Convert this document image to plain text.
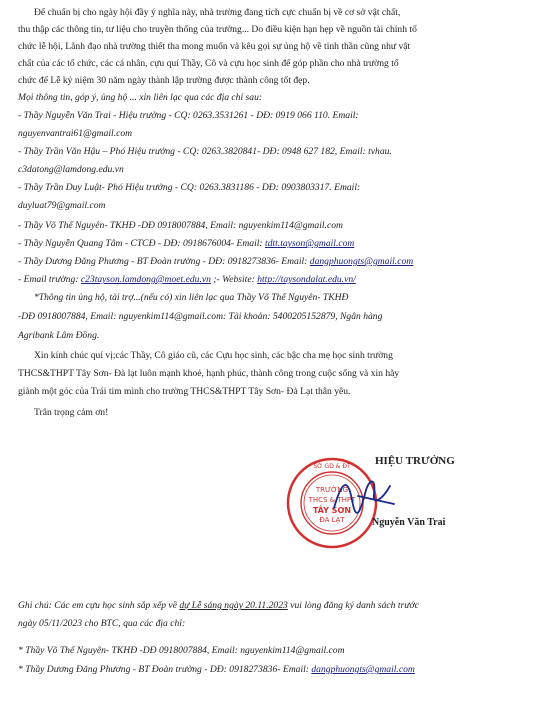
Để chuẩn bị cho ngày hội đầy ý nghĩa này, nhà trường đang tích cực chuẩn bị về cơ sở vật chất,
thu thập các thông tin, tư liệu cho truyền thống của trường... Do điều kiện hạn hẹp về nguồn tài chính tổ
chức lễ hội, Lãnh đạo nhà trường thiết tha mong muốn và kêu gọi sự ủng hộ về tinh thần cũng như vật
chất của các tổ chức, các cá nhân, cựu quí Thầy, Cô và cựu học sinh để góp phần cho nhà trường tổ
chức để Lễ kỷ niệm 30 năm ngày thành lập trường được thành công tốt đẹp.
Mọi thông tin, góp ý, ủng hộ ... xin liên lạc qua các địa chỉ sau:
- Thầy Nguyễn Văn Trai - Hiệu trưởng - CQ: 0263.3531261 - DĐ: 0919 066 110. Email:
nguyenvantrai61@gmail.com
- Thầy Trần Văn Hậu – Phó Hiệu trưởng - CQ: 0263.3820841- DĐ: 0948 627 182, Email: tvhau.
c3datong@lamdong.edu.vn
- Thầy Trần Duy Luật- Phó Hiệu trưởng - CQ: 0263.3831186 - DĐ: 0903803317. Email:
duyluat79@gmail.com
- Thầy Võ Thế Nguyên- TKHĐ -DĐ 0918007884, Email: nguyenkim114@gmail.com
- Thầy Nguyễn Quang Tâm - CTCĐ - DĐ: 0918676004- Email: tdtt.tayson@gmail.com
- Thầy Dương Đăng Phương - BT Đoàn trường - DĐ: 0918273836- Email: dangphuongts@gmail.com
- Email trường: c23tayson.lamdong@moet.edu.vn ;- Website: http://taysondalat.edu.vn/
*Thông tin ủng hộ, tài trợ...(nếu có) xin liên lạc qua Thầy Võ Thế Nguyên- TKHĐ
-DĐ 0918007884, Email: nguyenkim114@gmail.com: Tài khoản: 5400205152879, Ngân hàng
Agribank Lâm Đồng.
Xin kính chúc quí vị;các Thầy, Cô giáo cũ, các Cựu học sinh, các bậc cha mẹ học sinh trường
THCS&THPT Tây Sơn- Đà lạt luôn mạnh khoẻ, hạnh phúc, thành công trong cuộc sống và xin hãy
giành một góc của Trái tim mình cho trường THCS&THPT Tây Sơn- Đà Lạt thân yêu.
Trân trọng cảm ơn!
TRƯỜNG
THCS & THPT
TÂY SƠN
ĐÀ LẠT
SỞ GD & ĐT HIỆU TRƯỞNG
Nguyễn Văn Trai
Ghi chú: Các em cựu học sinh sắp xếp về dự Lễ sáng ngày 20.11.2023 vui lòng đăng ký danh sách trước
ngày 05/11/2023 cho BTC, qua các địa chỉ:
* Thầy Võ Thế Nguyên- TKHĐ -DĐ 0918007884, Email: nguyenkim114@gmail.com
* Thầy Dương Đăng Phương - BT Đoàn trường - DĐ: 0918273836- Email: dangphuongts@gmail.com
